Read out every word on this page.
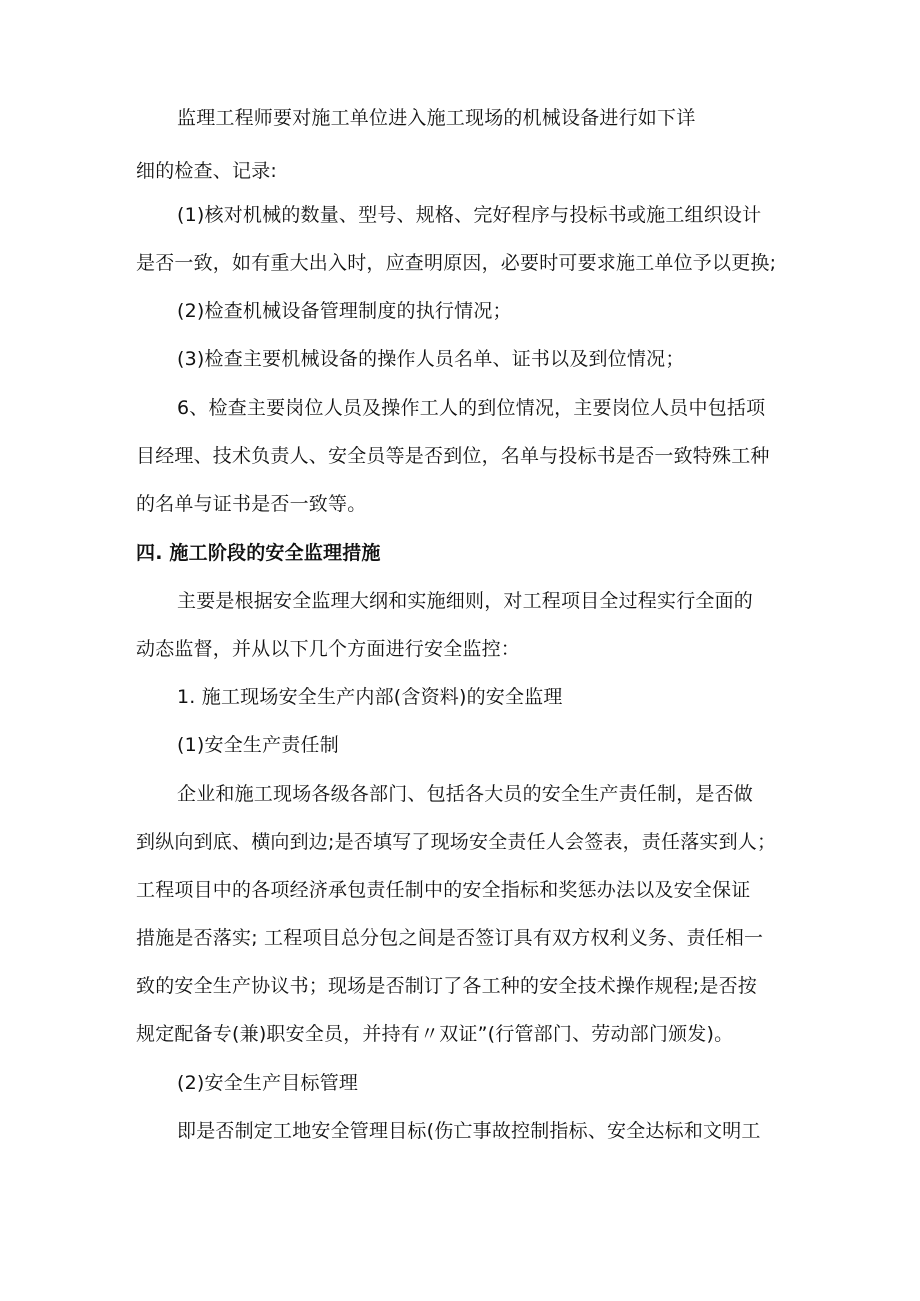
监理工程师要对施工单位进入施工现场的机械设备进行如下详
细的检查、记录:
(1)核对机械的数量、型号、规格、完好程序与投标书或施工组织设计
是否一致，如有重大出入时，应查明原因，必要时可要求施工单位予以更换;
(2)检查机械设备管理制度的执行情况；
(3)检查主要机械设备的操作人员名单、证书以及到位情况；
6、检查主要岗位人员及操作工人的到位情况，主要岗位人员中包括项
目经理、技术负责人、安全员等是否到位，名单与投标书是否一致特殊工种
的名单与证书是否一致等。
四. 施工阶段的安全监理措施
主要是根据安全监理大纲和实施细则，对工程项目全过程实行全面的
动态监督，并从以下几个方面进行安全监控：
1. 施工现场安全生产内部(含资料)的安全监理
(1)安全生产责任制
企业和施工现场各级各部门、包括各大员的安全生产责任制，是否做
到纵向到底、横向到边;是否填写了现场安全责任人会签表，责任落实到人；
工程项目中的各项经济承包责任制中的安全指标和奖惩办法以及安全保证
措施是否落实; 工程项目总分包之间是否签订具有双方权利义务、责任相一
致的安全生产协议书；现场是否制订了各工种的安全技术操作规程;是否按
规定配备专(兼)职安全员，并持有〃双证”(行管部门、劳动部门颁发)。
(2)安全生产目标管理
即是否制定工地安全管理目标(伤亡事故控制指标、安全达标和文明工
